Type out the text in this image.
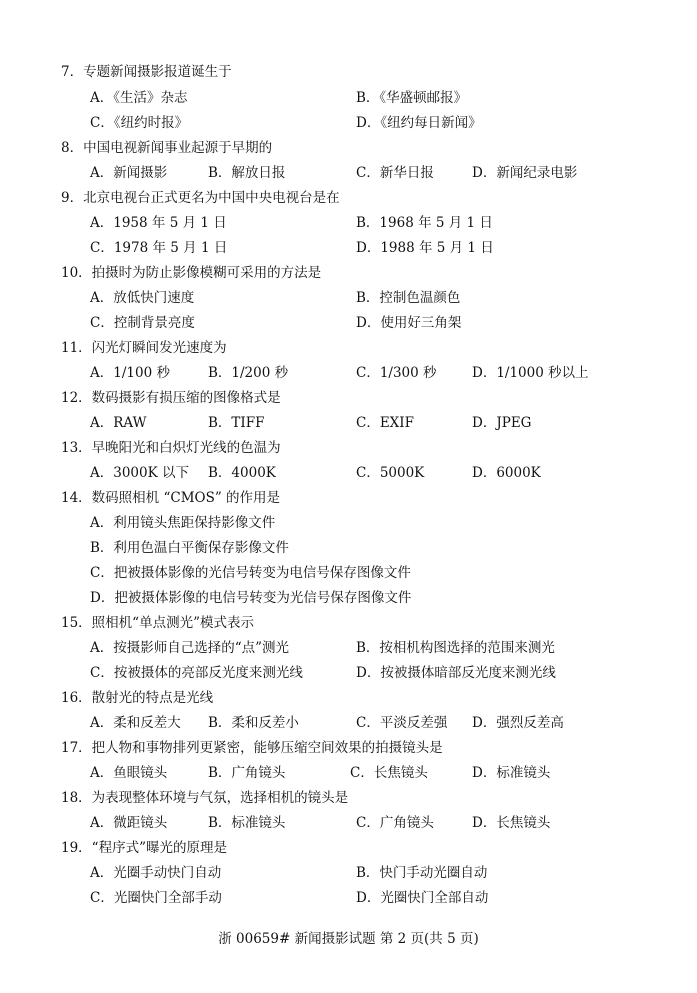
7．专题新闻摄影报道诞生于
A．《生活》杂志	B．《华盛顿邮报》
C．《纽约时报》	D．《纽约每日新闻》
8．中国电视新闻事业起源于早期的
A．新闻摄影	B．解放日报	C．新华日报	D．新闻纪录电影
9．北京电视台正式更名为中国中央电视台是在
A．1958 年 5 月 1 日	B．1968 年 5 月 1 日
C．1978 年 5 月 1 日	D．1988 年 5 月 1 日
10．拍摄时为防止影像模糊可采用的方法是
A．放低快门速度	B．控制色温颜色
C．控制背景亮度	D．使用好三角架
11．闪光灯瞬间发光速度为
A．1/100 秒	B．1/200 秒	C．1/300 秒	D．1/1000 秒以上
12．数码摄影有损压缩的图像格式是
A．RAW	B．TIFF	C．EXIF	D．JPEG
13．早晚阳光和白炽灯光线的色温为
A．3000K 以下 B．4000K	C．5000K	D．6000K
14．数码照相机 “CMOS” 的作用是
A．利用镜头焦距保持影像文件
B．利用色温白平衡保存影像文件
C．把被摄体影像的光信号转变为电信号保存图像文件
D．把被摄体影像的电信号转变为光信号保存图像文件
15．照相机“单点测光”模式表示
A．按摄影师自己选择的“点”测光	B．按相机构图选择的范围来测光
C．按被摄体的亮部反光度来测光线	D．按被摄体暗部反光度来测光线
16．散射光的特点是光线
A．柔和反差大 B．柔和反差小	C．平淡反差强 D．强烈反差高
17．把人物和事物排列更紧密，能够压缩空间效果的拍摄镜头是
A．鱼眼镜头	B．广角镜头	C．长焦镜头	D．标准镜头
18．为表现整体环境与气氛，选择相机的镜头是
A．微距镜头	B．标准镜头	C．广角镜头	D．长焦镜头
19．“程序式”曝光的原理是
A．光圈手动快门自动	B．快门手动光圈自动
C．光圈快门全部手动	D．光圈快门全部自动
浙 00659# 新闻摄影试题 第 2 页(共 5 页)
